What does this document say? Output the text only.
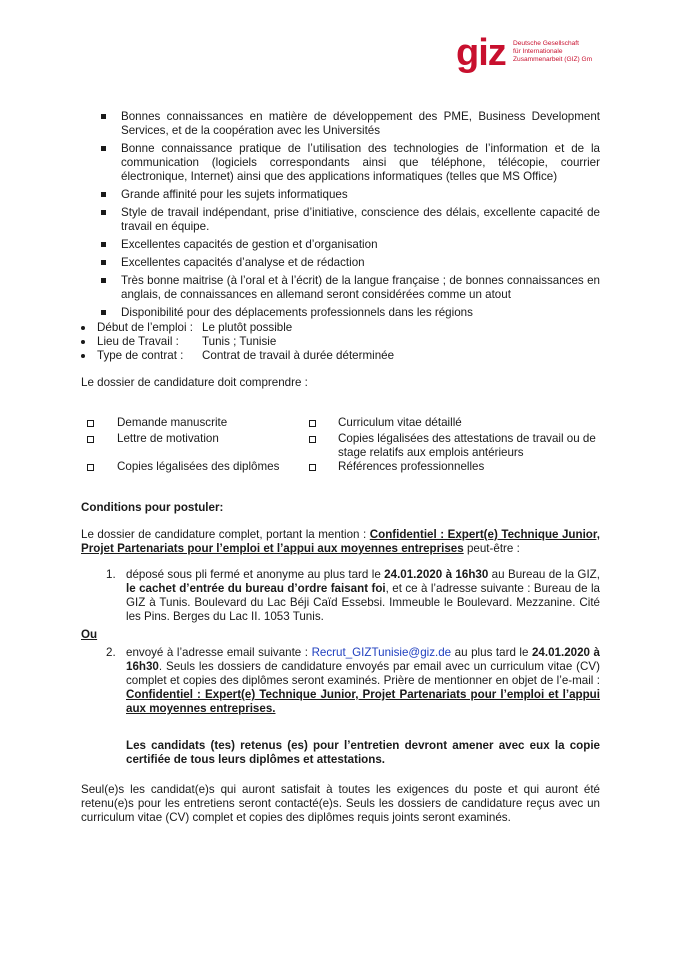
giz Deutsche Gesellschaft
für Internationale
Zusammenarbeit (GIZ) Gm
Bonnes connaissances en matière de développement des PME, Business Development Services, et de la coopération avec les Universités
Bonne connaissance pratique de l’utilisation des technologies de l’information et de la communication (logiciels correspondants ainsi que téléphone, télécopie, courrier électronique, Internet) ainsi que des applications informatiques (telles que MS Office)
Grande affinité pour les sujets informatiques
Style de travail indépendant, prise d’initiative, conscience des délais, excellente capacité de travail en équipe.
Excellentes capacités de gestion et d’organisation
Excellentes capacités d’analyse et de rédaction
Très bonne maitrise (à l’oral et à l’écrit) de la langue française ; de bonnes connaissances en anglais, de connaissances en allemand seront considérées comme un atout
Disponibilité pour des déplacements professionnels dans les régions
Début de l’emploi : Le plutôt possible
Lieu de Travail : Tunis ; Tunisie
Type de contrat : Contrat de travail à durée déterminée
Le dossier de candidature doit comprendre :
Demande manuscrite
Lettre de motivation
Copies légalisées des diplômes
Curriculum vitae détaillé
Copies légalisées des attestations de travail ou de stage relatifs aux emplois antérieurs
Références professionnelles
Conditions pour postuler:
Le dossier de candidature complet, portant la mention : Confidentiel : Expert(e) Technique Junior, Projet Partenariats pour l’emploi et l’appui aux moyennes entreprises peut-être :
1. déposé sous pli fermé et anonyme au plus tard le 24.01.2020 à 16h30 au Bureau de la GIZ, le cachet d’entrée du bureau d’ordre faisant foi, et ce à l’adresse suivante : Bureau de la GIZ à Tunis. Boulevard du Lac Béji Caïd Essebsi. Immeuble le Boulevard. Mezzanine. Cité les Pins. Berges du Lac II. 1053 Tunis.
Ou
2. envoyé à l’adresse email suivante : Recrut_GIZTunisie@giz.de au plus tard le 24.01.2020 à 16h30. Seuls les dossiers de candidature envoyés par email avec un curriculum vitae (CV) complet et copies des diplômes seront examinés. Prière de mentionner en objet de l’e-mail : Confidentiel : Expert(e) Technique Junior, Projet Partenariats pour l’emploi et l’appui aux moyennes entreprises.
Les candidats (tes) retenus (es) pour l’entretien devront amener avec eux la copie certifiée de tous leurs diplômes et attestations.
Seul(e)s les candidat(e)s qui auront satisfait à toutes les exigences du poste et qui auront été retenu(e)s pour les entretiens seront contacté(e)s. Seuls les dossiers de candidature reçus avec un curriculum vitae (CV) complet et copies des diplômes requis joints seront examinés.
